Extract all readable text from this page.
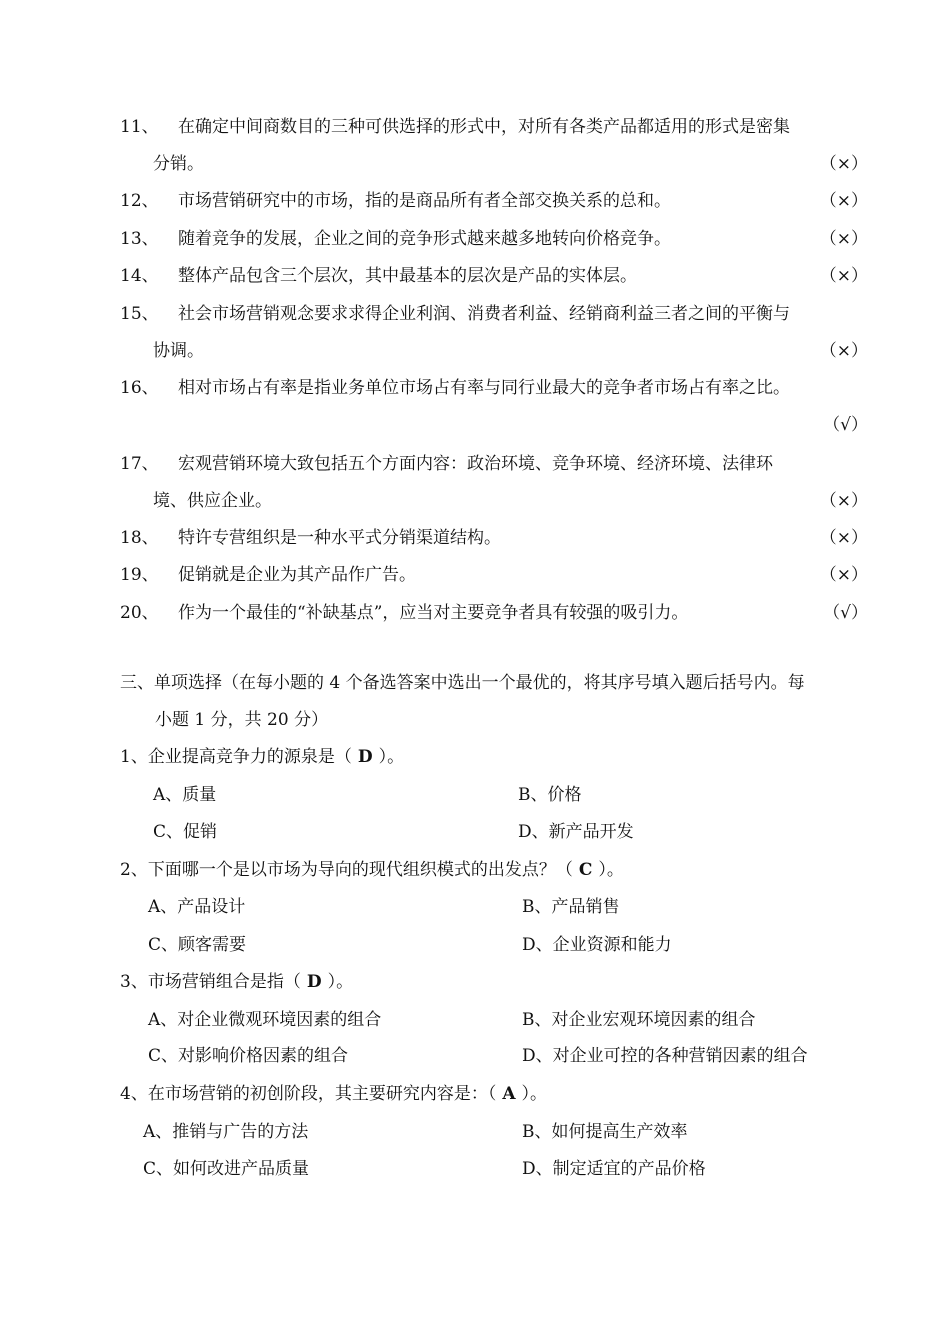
11、 在确定中间商数目的三种可供选择的形式中，对所有各类产品都适用的形式是密集
分销。	（×）
12、 市场营销研究中的市场，指的是商品所有者全部交换关系的总和。	（×）
13、 随着竞争的发展，企业之间的竞争形式越来越多地转向价格竞争。	（×）
14、 整体产品包含三个层次，其中最基本的层次是产品的实体层。	（×）
15、 社会市场营销观念要求求得企业利润、消费者利益、经销商利益三者之间的平衡与
协调。	（×）
16、 相对市场占有率是指业务单位市场占有率与同行业最大的竞争者市场占有率之比。
（√）
17、 宏观营销环境大致包括五个方面内容：政治环境、竞争环境、经济环境、法律环
境、供应企业。	（×）
18、 特许专营组织是一种水平式分销渠道结构。	（×）
19、 促销就是企业为其产品作广告。	（×）
20、 作为一个最佳的“补缺基点”，应当对主要竞争者具有较强的吸引力。	（√）
三、单项选择（在每小题的 4 个备选答案中选出一个最优的，将其序号填入题后括号内。每
小题 1 分，共 20 分）
1、企业提高竞争力的源泉是（ D ）。
A、质量	B、价格
C、促销	D、新产品开发
2、下面哪一个是以市场为导向的现代组织模式的出发点？（ C ）。
A、产品设计	B、产品销售
C、顾客需要	D、企业资源和能力
3、市场营销组合是指（ D ）。
A、对企业微观环境因素的组合	B、对企业宏观环境因素的组合
C、对影响价格因素的组合	D、对企业可控的各种营销因素的组合
4、在市场营销的初创阶段，其主要研究内容是：（ A ）。
A、推销与广告的方法	B、如何提高生产效率
C、如何改进产品质量	D、制定适宜的产品价格
